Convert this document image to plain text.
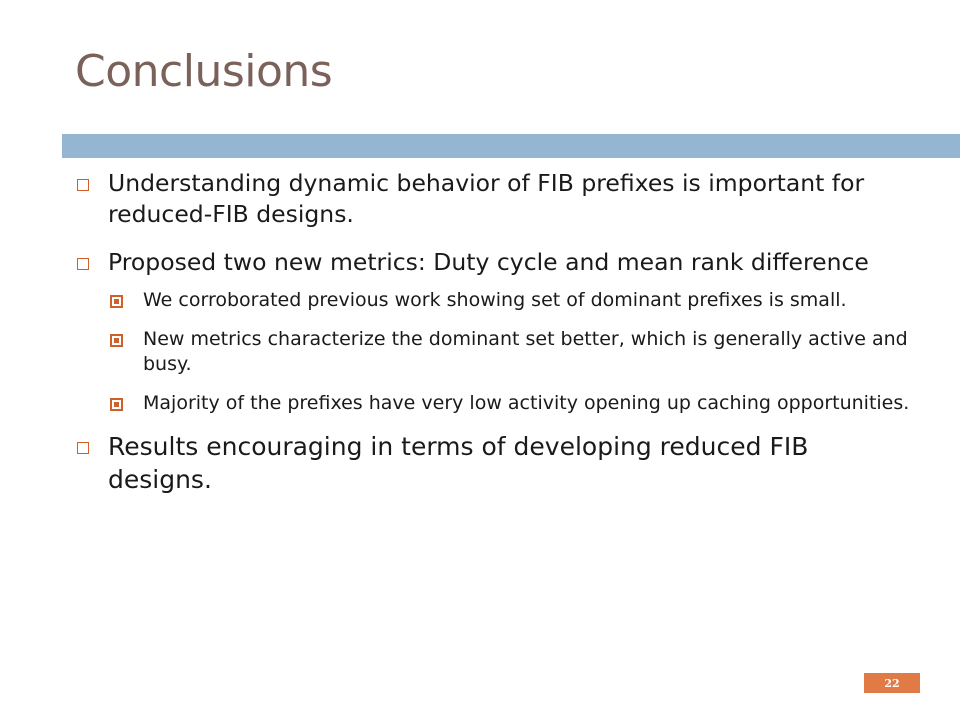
Conclusions
Understanding dynamic behavior of FIB prefixes is important for reduced-FIB designs.
Proposed two new metrics: Duty cycle and mean rank difference
We corroborated previous work showing set of dominant prefixes is small.
New metrics characterize the dominant set better, which is generally active and busy.
Majority of the prefixes have very low activity opening up caching opportunities.
Results encouraging in terms of developing reduced FIB designs.
22
